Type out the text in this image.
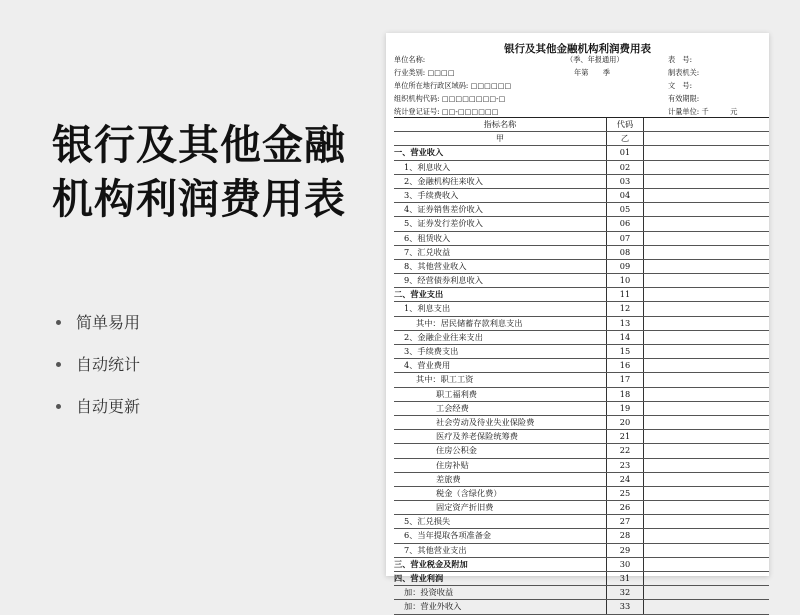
银行及其他金融
机构利润费用表
简单易用
自动统计
自动更新
银行及其他金融机构利润费用表
单位名称:	（季、年报通用）	表　号:
行业类别: □□□□	年第　　季	制表机关:
单位所在地行政区域码: □□□□□□	文　号:
组织机构代码: □□□□□□□□-□	有效期限:
统计登记证号: □□-□□□□□□	计量单位: 千　　　元
指标名称	代码
甲	乙
一、营业收入	01
1、利息收入	02
2、金融机构往来收入	03
3、手续费收入	04
4、证券销售差价收入	05
5、证券发行差价收入	06
6、租赁收入	07
7、汇兑收益	08
8、其他营业收入	09
9、经营债券利息收入	10
二、营业支出	11
1、利息支出	12
其中：居民储蓄存款利息支出	13
2、金融企业往来支出	14
3、手续费支出	15
4、营业费用	16
其中：职工工资	17
职工福利费	18
工会经费	19
社会劳动及待业失业保险费	20
医疗及养老保险统筹费	21
住房公积金	22
住房补贴	23
差旅费	24
税金（含绿化费）	25
固定资产折旧费	26
5、汇兑损失	27
6、当年提取各项准备金	28
7、其他营业支出	29
三、营业税金及附加	30
四、营业利润	31
加：投资收益	32
加：营业外收入	33
